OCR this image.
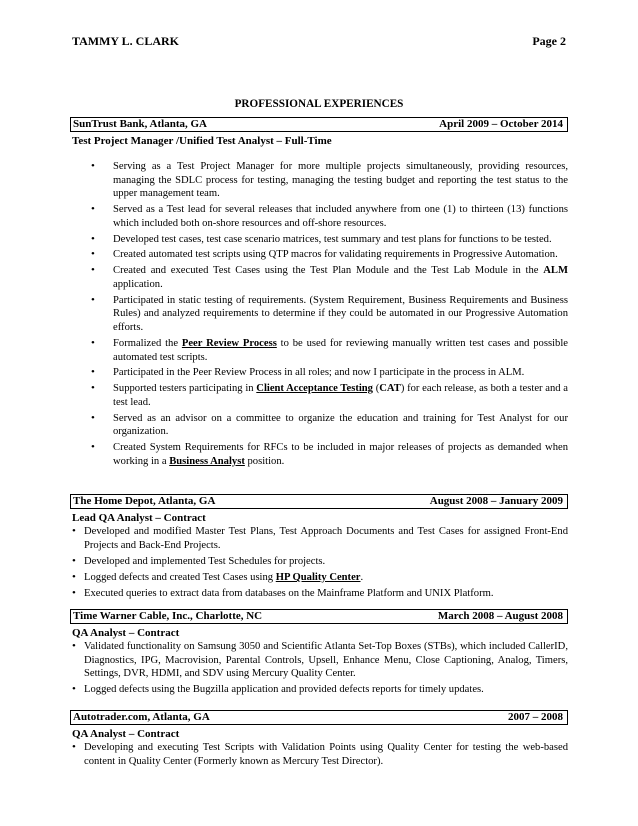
TAMMY L. CLARK	Page 2
PROFESSIONAL EXPERIENCES
SunTrust Bank, Atlanta, GA	April 2009 – October 2014
Test Project Manager /Unified Test Analyst – Full-Time
• Serving as a Test Project Manager for more multiple projects simultaneously, providing resources, managing the SDLC process for testing, managing the testing budget and reporting the test status to the upper management team.
• Served as a Test lead for several releases that included anywhere from one (1) to thirteen (13) functions which included both on-shore resources and off-shore resources.
• Developed test cases, test case scenario matrices, test summary and test plans for functions to be tested.
• Created automated test scripts using QTP macros for validating requirements in Progressive Automation.
• Created and executed Test Cases using the Test Plan Module and the Test Lab Module in the ALM application.
• Participated in static testing of requirements. (System Requirement, Business Requirements and Business Rules) and analyzed requirements to determine if they could be automated in our Progressive Automation efforts.
• Formalized the Peer Review Process to be used for reviewing manually written test cases and possible automated test scripts.
• Participated in the Peer Review Process in all roles; and now I participate in the process in ALM.
• Supported testers participating in Client Acceptance Testing (CAT) for each release, as both a tester and a test lead.
• Served as an advisor on a committee to organize the education and training for Test Analyst for our organization.
• Created System Requirements for RFCs to be included in major releases of projects as demanded when working in a Business Analyst position.
The Home Depot, Atlanta, GA	August 2008 – January 2009
Lead QA Analyst – Contract
• Developed and modified Master Test Plans, Test Approach Documents and Test Cases for assigned Front-End Projects and Back-End Projects.
• Developed and implemented Test Schedules for projects.
• Logged defects and created Test Cases using HP Quality Center.
• Executed queries to extract data from databases on the Mainframe Platform and UNIX Platform.
Time Warner Cable, Inc., Charlotte, NC	March 2008 – August 2008
QA Analyst – Contract
• Validated functionality on Samsung 3050 and Scientific Atlanta Set-Top Boxes (STBs), which included CallerID, Diagnostics, IPG, Macrovision, Parental Controls, Upsell, Enhance Menu, Close Captioning, Analog, Timers, Settings, DVR, HDMI, and SDV using Mercury Quality Center.
• Logged defects using the Bugzilla application and provided defects reports for timely updates.
Autotrader.com, Atlanta, GA	2007 – 2008
QA Analyst – Contract
• Developing and executing Test Scripts with Validation Points using Quality Center for testing the web-based content in Quality Center (Formerly known as Mercury Test Director).
